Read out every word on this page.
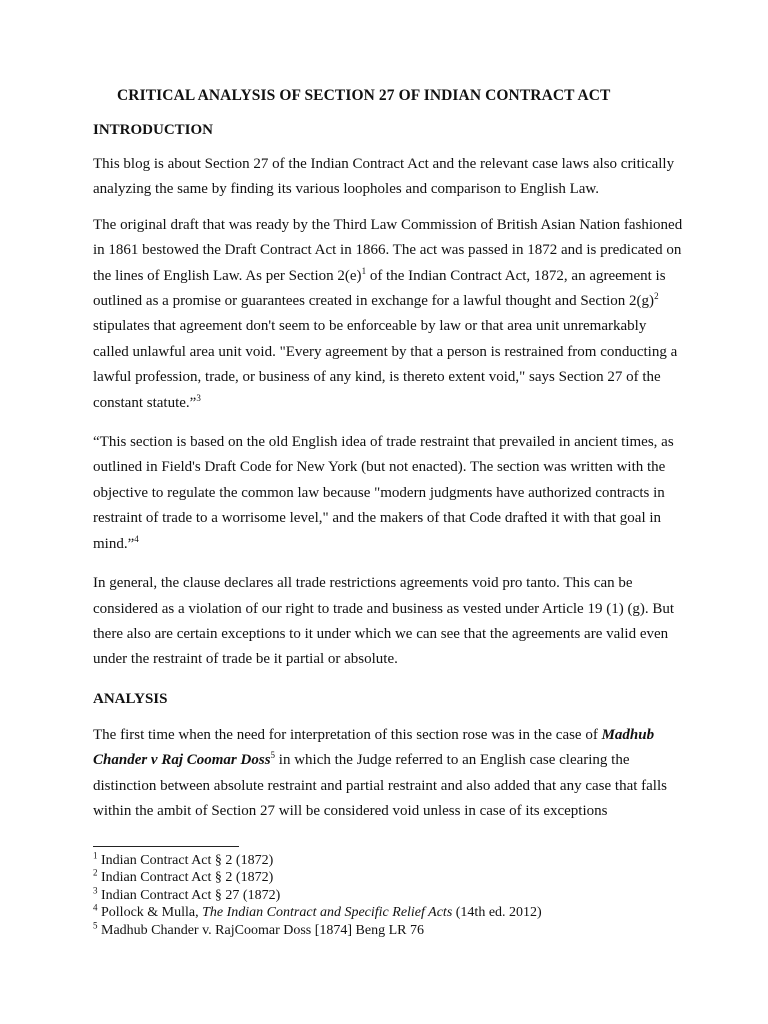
CRITICAL ANALYSIS OF SECTION 27 OF INDIAN CONTRACT ACT
INTRODUCTION

This blog is about Section 27 of the Indian Contract Act and the relevant case laws also critically analyzing the same by finding its various loopholes and comparison to English Law.

The original draft that was ready by the Third Law Commission of British Asian Nation fashioned in 1861 bestowed the Draft Contract Act in 1866. The act was passed in 1872 and is predicated on the lines of English Law. As per Section 2(e)$^1$ of the Indian Contract Act, 1872, an agreement is outlined as a promise or guarantees created in exchange for a lawful thought and Section 2(g)$^2$ stipulates that agreement don't seem to be enforceable by law or that area unit unremarkably called unlawful area unit void. "Every agreement by that a person is restrained from conducting a lawful profession, trade, or business of any kind, is thereto extent void," says Section 27 of the constant statute.”$^3$

“This section is based on the old English idea of trade restraint that prevailed in ancient times, as outlined in Field's Draft Code for New York (but not enacted). The section was written with the objective to regulate the common law because "modern judgments have authorized contracts in restraint of trade to a worrisome level," and the makers of that Code drafted it with that goal in mind.”$^4$

In general, the clause declares all trade restrictions agreements void pro tanto. This can be considered as a violation of our right to trade and business as vested under Article 19 (1) (g). But there also are certain exceptions to it under which we can see that the agreements are valid even under the restraint of trade be it partial or absolute.

ANALYSIS

The first time when the need for interpretation of this section rose was in the case of Madhub Chander v Raj Coomar Doss$^5$ in which the Judge referred to an English case clearing the distinction between absolute restraint and partial restraint and also added that any case that falls within the ambit of Section 27 will be considered void unless in case of its exceptions

$^1$ Indian Contract Act § 2 (1872)

$^2$ Indian Contract Act § 2 (1872)

$^3$ Indian Contract Act § 27 (1872)

$^4$ Pollock & Mulla, The Indian Contract and Specific Relief Acts (14th ed. 2012)

$^5$ Madhub Chander v. RajCoomar Doss [1874] Beng LR 76
